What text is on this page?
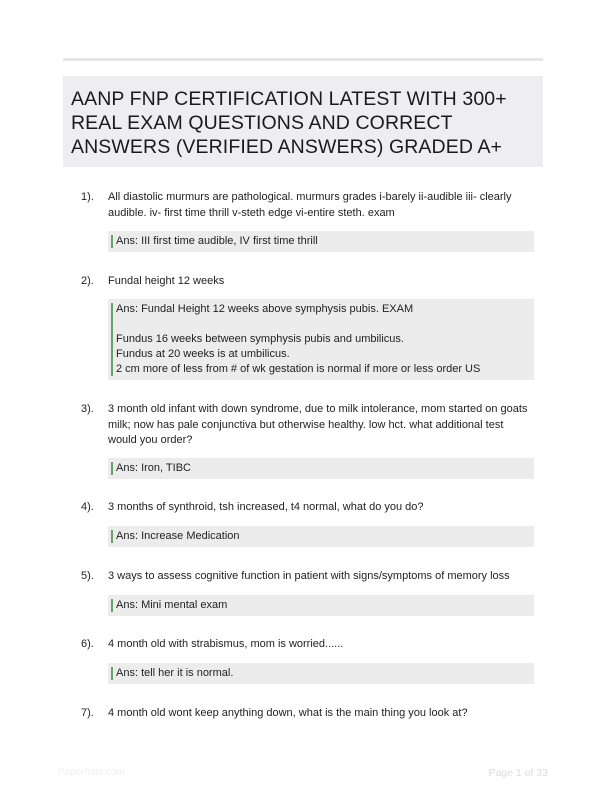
AANP FNP CERTIFICATION LATEST WITH 300+ REAL EXAM QUESTIONS AND CORRECT ANSWERS (VERIFIED ANSWERS) GRADED A+
1). All diastolic murmurs are pathological. murmurs grades i-barely ii-audible iii- clearly audible. iv- first time thrill v-steth edge vi-entire steth. exam

Ans: III first time audible, IV first time thrill

2). Fundal height 12 weeks

Ans: Fundal Height 12 weeks above symphysis pubis. EXAM

Fundus 16 weeks between symphysis pubis and umbilicus.

Fundus at 20 weeks is at umbilicus.

2 cm more of less from # of wk gestation is normal if more or less order US

3). 3 month old infant with down syndrome, due to milk intolerance, mom started on goats milk; now has pale conjunctiva but otherwise healthy. low hct. what additional test would you order?

Ans: Iron, TIBC

4). 3 months of synthroid, tsh increased, t4 normal, what do you do?

Ans: Increase Medication

5). 3 ways to assess cognitive function in patient with signs/symptoms of memory loss

Ans: Mini mental exam

6). 4 month old with strabismus, mom is worried......

Ans: tell her it is normal.

7). 4 month old wont keep anything down, what is the main thing you look at?
Paperfolio.com	Page 1 of 33
